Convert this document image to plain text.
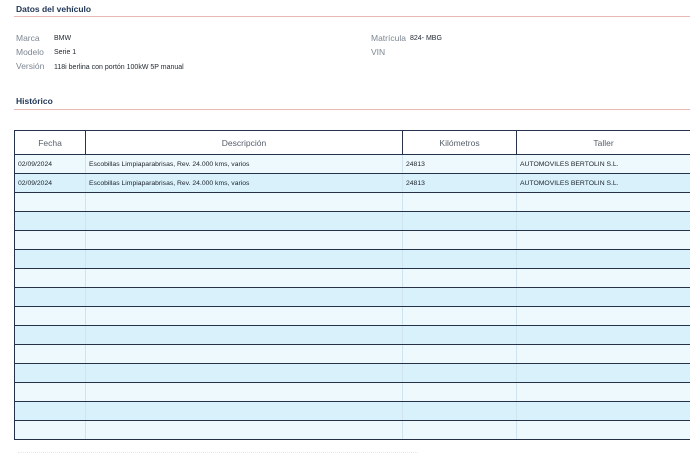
Datos del vehículo
Marca BMW
Modelo Serie 1
Versión 118i berlina con portón 100kW 5P manual
Matrícula 824- MBG
VIN
Histórico
Fecha	Descripción	Kilómetros	Taller
02/09/2024	Escobillas Limpiaparabrisas, Rev. 24.000 kms, varios	24813	AUTOMOVILES BERTOLIN S.L.
02/09/2024	Escobillas Limpiaparabrisas, Rev. 24.000 kms, varios	24813	AUTOMOVILES BERTOLIN S.L.
